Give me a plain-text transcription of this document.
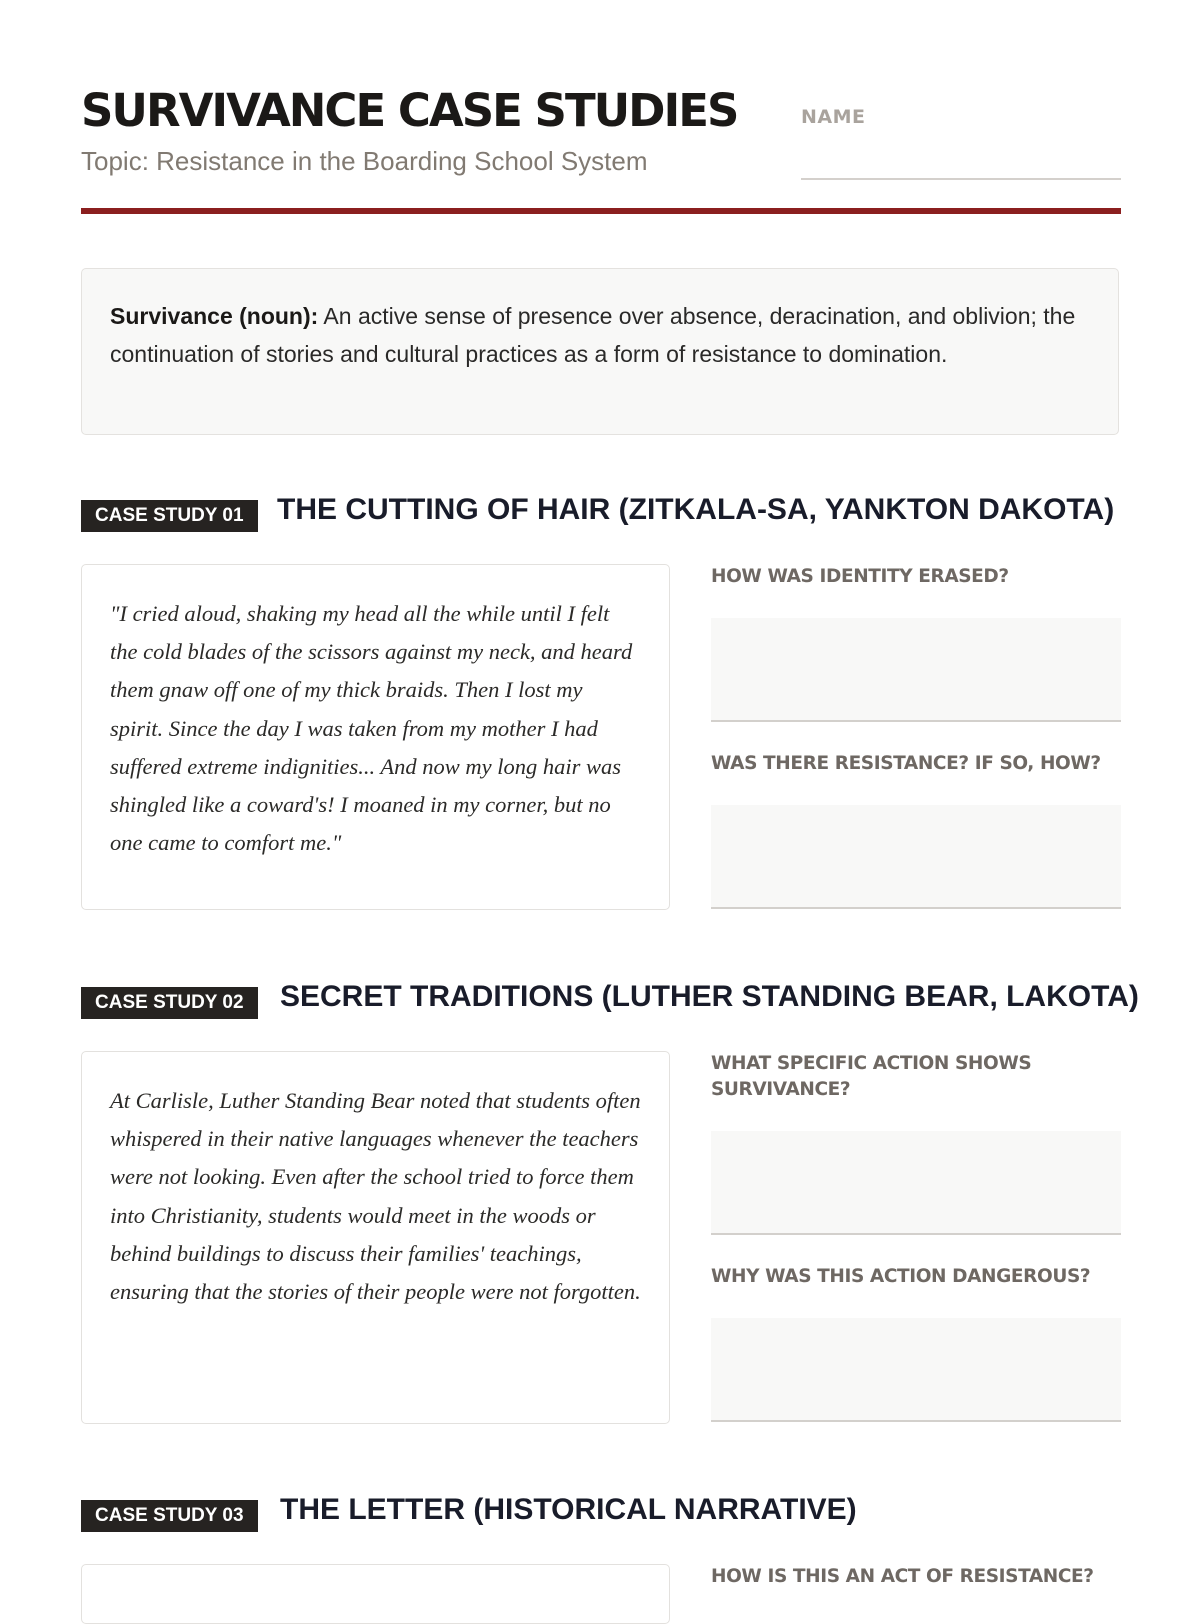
SURVIVANCE CASE STUDIES
Topic: Resistance in the Boarding School System
NAME
Survivance (noun): An active sense of presence over absence, deracination, and oblivion; the continuation of stories and cultural practices as a form of resistance to domination.
CASE STUDY 01	THE CUTTING OF HAIR (ZITKALA-SA, YANKTON DAKOTA)
"I cried aloud, shaking my head all the while until I felt the cold blades of the scissors against my neck, and heard them gnaw off one of my thick braids. Then I lost my spirit. Since the day I was taken from my mother I had suffered extreme indignities... And now my long hair was shingled like a coward's! I moaned in my corner, but no one came to comfort me."
HOW WAS IDENTITY ERASED?
WAS THERE RESISTANCE? IF SO, HOW?
CASE STUDY 02	SECRET TRADITIONS (LUTHER STANDING BEAR, LAKOTA)
At Carlisle, Luther Standing Bear noted that students often whispered in their native languages whenever the teachers were not looking. Even after the school tried to force them into Christianity, students would meet in the woods or behind buildings to discuss their families' teachings, ensuring that the stories of their people were not forgotten.
WHAT SPECIFIC ACTION SHOWS SURVIVANCE?
WHY WAS THIS ACTION DANGEROUS?
CASE STUDY 03	THE LETTER (HISTORICAL NARRATIVE)
HOW IS THIS AN ACT OF RESISTANCE?
